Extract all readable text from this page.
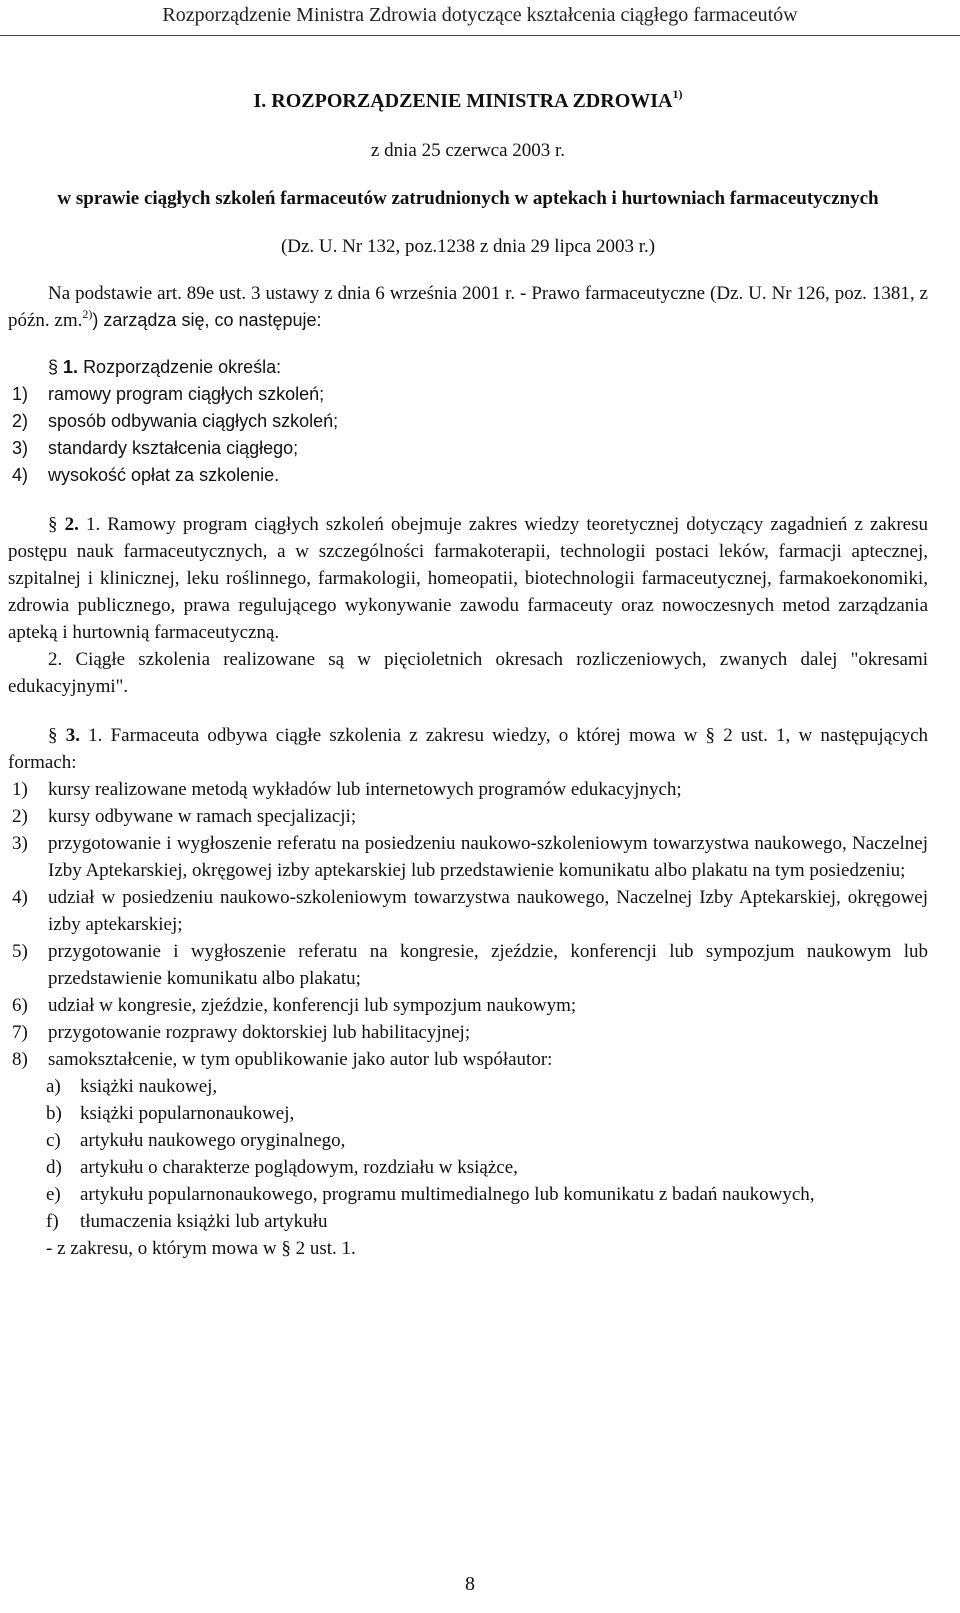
Rozporządzenie Ministra Zdrowia dotyczące kształcenia ciągłego farmaceutów

I. ROZPORZĄDZENIE MINISTRA ZDROWIA$^{1)}$

z dnia 25 czerwca 2003 r.

w sprawie ciągłych szkoleń farmaceutów zatrudnionych w aptekach i hurtowniach farmaceutycznych

(Dz. U. Nr 132, poz.1238 z dnia 29 lipca 2003 r.)

Na podstawie art. 89e ust. 3 ustawy z dnia 6 września 2001 r. - Prawo farmaceutyczne (Dz. U. Nr 126, poz. 1381, z późn. zm.$^{2)}$) zarządza się, co następuje:

§ 1. Rozporządzenie określa:

1) ramowy program ciągłych szkoleń;
2) sposób odbywania ciągłych szkoleń;
3) standardy kształcenia ciągłego;
4) wysokość opłat za szkolenie.

§ 2. 1. Ramowy program ciągłych szkoleń obejmuje zakres wiedzy teoretycznej dotyczący zagadnień z zakresu postępu nauk farmaceutycznych, a w szczególności farmakoterapii, technologii postaci leków, farmacji aptecznej, szpitalnej i klinicznej, leku roślinnego, farmakologii, homeopatii, biotechnologii farmaceutycznej, farmakoekonomiki, zdrowia publicznego, prawa regulującego wykonywanie zawodu farmaceuty oraz nowoczesnych metod zarządzania apteką i hurtownią farmaceutyczną.

2. Ciągłe szkolenia realizowane są w pięcioletnich okresach rozliczeniowych, zwanych dalej "okresami edukacyjnymi".

§ 3. 1. Farmaceuta odbywa ciągłe szkolenia z zakresu wiedzy, o której mowa w § 2 ust. 1, w następujących formach:

1) kursy realizowane metodą wykładów lub internetowych programów edukacyjnych;
2) kursy odbywane w ramach specjalizacji;
3) przygotowanie i wygłoszenie referatu na posiedzeniu naukowo-szkoleniowym towarzystwa naukowego, Naczelnej Izby Aptekarskiej, okręgowej izby aptekarskiej lub przedstawienie komunikatu albo plakatu na tym posiedzeniu;
4) udział w posiedzeniu naukowo-szkoleniowym towarzystwa naukowego, Naczelnej Izby Aptekarskiej, okręgowej izby aptekarskiej;
5) przygotowanie i wygłoszenie referatu na kongresie, zjeździe, konferencji lub sympozjum naukowym lub przedstawienie komunikatu albo plakatu;
6) udział w kongresie, zjeździe, konferencji lub sympozjum naukowym;
7) przygotowanie rozprawy doktorskiej lub habilitacyjnej;
8) samokształcenie, w tym opublikowanie jako autor lub współautor:
a) książki naukowej,
b) książki popularnonaukowej,
c) artykułu naukowego oryginalnego,
d) artykułu o charakterze poglądowym, rozdziału w książce,
e) artykułu popularnonaukowego, programu multimedialnego lub komunikatu z badań naukowych,
f) tłumaczenia książki lub artykułu

- z zakresu, o którym mowa w § 2 ust. 1.

8
